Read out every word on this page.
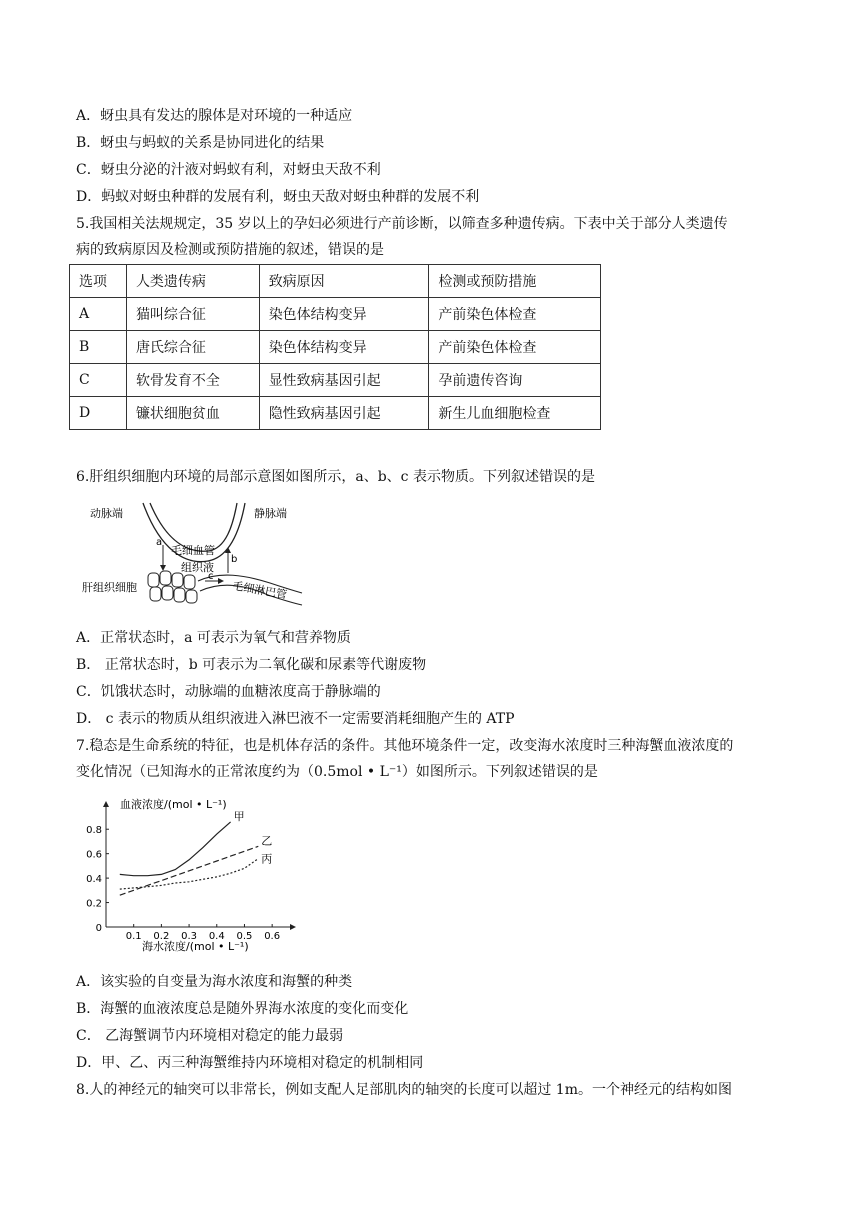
A．蚜虫具有发达的腺体是对环境的一种适应
B．蚜虫与蚂蚁的关系是协同进化的结果
C．蚜虫分泌的汁液对蚂蚁有利，对蚜虫天敌不利
D．蚂蚁对蚜虫种群的发展有利，蚜虫天敌对蚜虫种群的发展不利
5.我国相关法规规定，35 岁以上的孕妇必须进行产前诊断，以筛查多种遗传病。下表中关于部分人类遗传
病的致病原因及检测或预防措施的叙述，错误的是
选项	人类遗传病	致病原因	检测或预防措施
A	猫叫综合征	染色体结构变异	产前染色体检查
B	唐氏综合征	染色体结构变异	产前染色体检查
C	软骨发育不全	显性致病基因引起	孕前遗传咨询
D	镰状细胞贫血	隐性致病基因引起	新生儿血细胞检查
6.肝组织细胞内环境的局部示意图如图所示，a、b、c 表示物质。下列叙述错误的是
动脉端	静脉端
a
毛细血管
b
组织液
肝组织细胞
c
毛细淋巴管
A．正常状态时，a 可表示为氧气和营养物质
B． 正常状态时，b 可表示为二氧化碳和尿素等代谢废物
C．饥饿状态时，动脉端的血糖浓度高于静脉端的
D． c 表示的物质从组织液进入淋巴液不一定需要消耗细胞产生的 ATP
7.稳态是生命系统的特征，也是机体存活的条件。其他环境条件一定，改变海水浓度时三种海蟹血液浓度的
变化情况（已知海水的正常浓度约为（0.5mol • L⁻¹）如图所示。下列叙述错误的是
血液浓度/(mol • L⁻¹)
海水浓度/(mol • L⁻¹)
0.1 0.2 0.3 0.4 0.5 0.6
0
0.2
0.4
0.6
0.8
甲
乙
丙
A．该实验的自变量为海水浓度和海蟹的种类
B．海蟹的血液浓度总是随外界海水浓度的变化而变化
C． 乙海蟹调节内环境相对稳定的能力最弱
D．甲、乙、丙三种海蟹维持内环境相对稳定的机制相同
8.人的神经元的轴突可以非常长，例如支配人足部肌肉的轴突的长度可以超过 1m。一个神经元的结构如图
